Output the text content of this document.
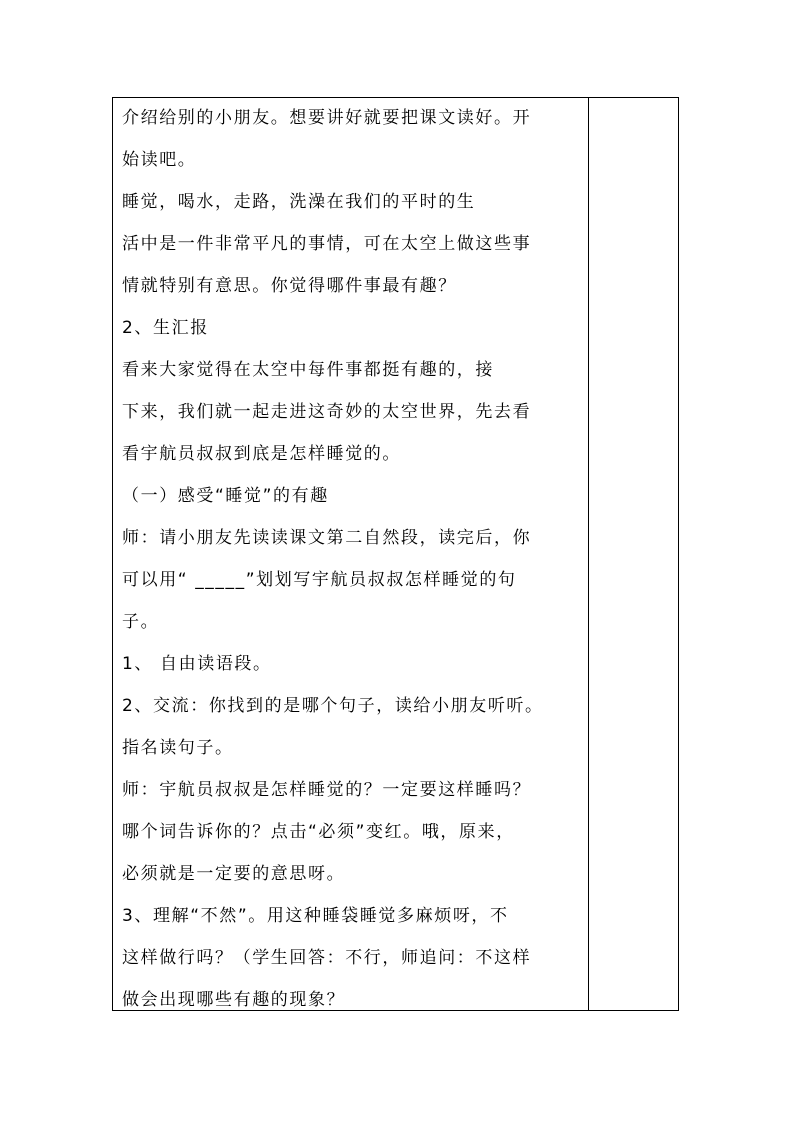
介绍给别的小朋友。想要讲好就要把课文读好。开
始读吧。
睡觉，喝水，走路，洗澡在我们的平时的生
活中是一件非常平凡的事情，可在太空上做这些事
情就特别有意思。你觉得哪件事最有趣？
2、生汇报
看来大家觉得在太空中每件事都挺有趣的，接
下来，我们就一起走进这奇妙的太空世界，先去看
看宇航员叔叔到底是怎样睡觉的。
（一）感受“睡觉”的有趣
师：请小朋友先读读课文第二自然段，读完后，你
可以用“ _____”划划写宇航员叔叔怎样睡觉的句
子。
1、 自由读语段。
2、交流：你找到的是哪个句子，读给小朋友听听。
指名读句子。
师：宇航员叔叔是怎样睡觉的？一定要这样睡吗？
哪个词告诉你的？点击“必须”变红。哦，原来，
必须就是一定要的意思呀。
3、理解“不然”。用这种睡袋睡觉多麻烦呀，不
这样做行吗？（学生回答：不行，师追问：不这样
做会出现哪些有趣的现象？
